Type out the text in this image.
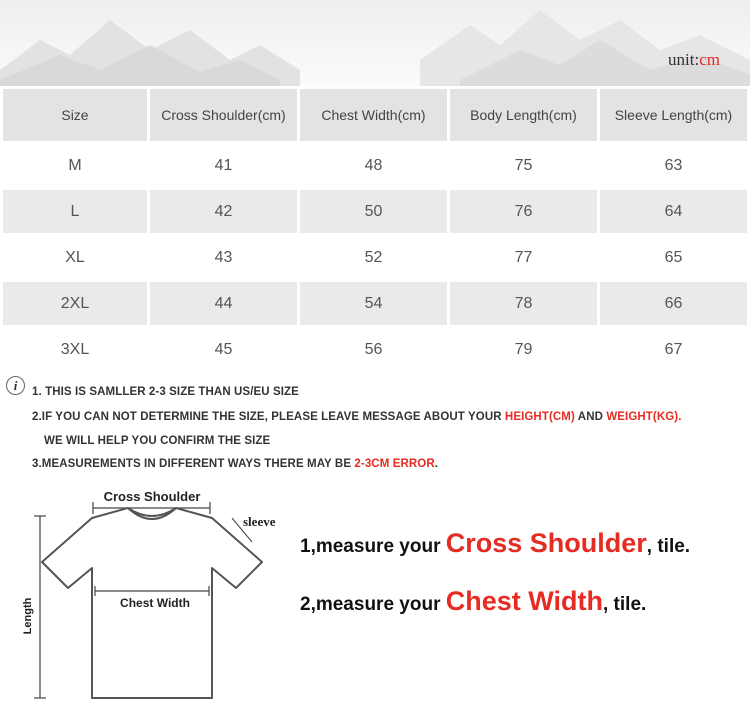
unit:cm
Size	Cross Shoulder(cm)	Chest Width(cm)	Body Length(cm)	Sleeve Length(cm)
M	41	48	75	63
L	42	50	76	64
XL	43	52	77	65
2XL	44	54	78	66
3XL	45	56	79	67
i	1. THIS IS SAMLLER 2-3 SIZE THAN US/EU SIZE
2.IF YOU CAN NOT DETERMINE THE SIZE, PLEASE LEAVE MESSAGE ABOUT YOUR HEIGHT(CM) AND WEIGHT(KG).
WE WILL HELP YOU CONFIRM THE SIZE
3.MEASUREMENTS IN DIFFERENT WAYS THERE MAY BE 2-3CM ERROR.
Cross Shoulder
sleeve
Chest Width
Length
1,measure your Cross Shoulder, tile.
2,measure your Chest Width, tile.
